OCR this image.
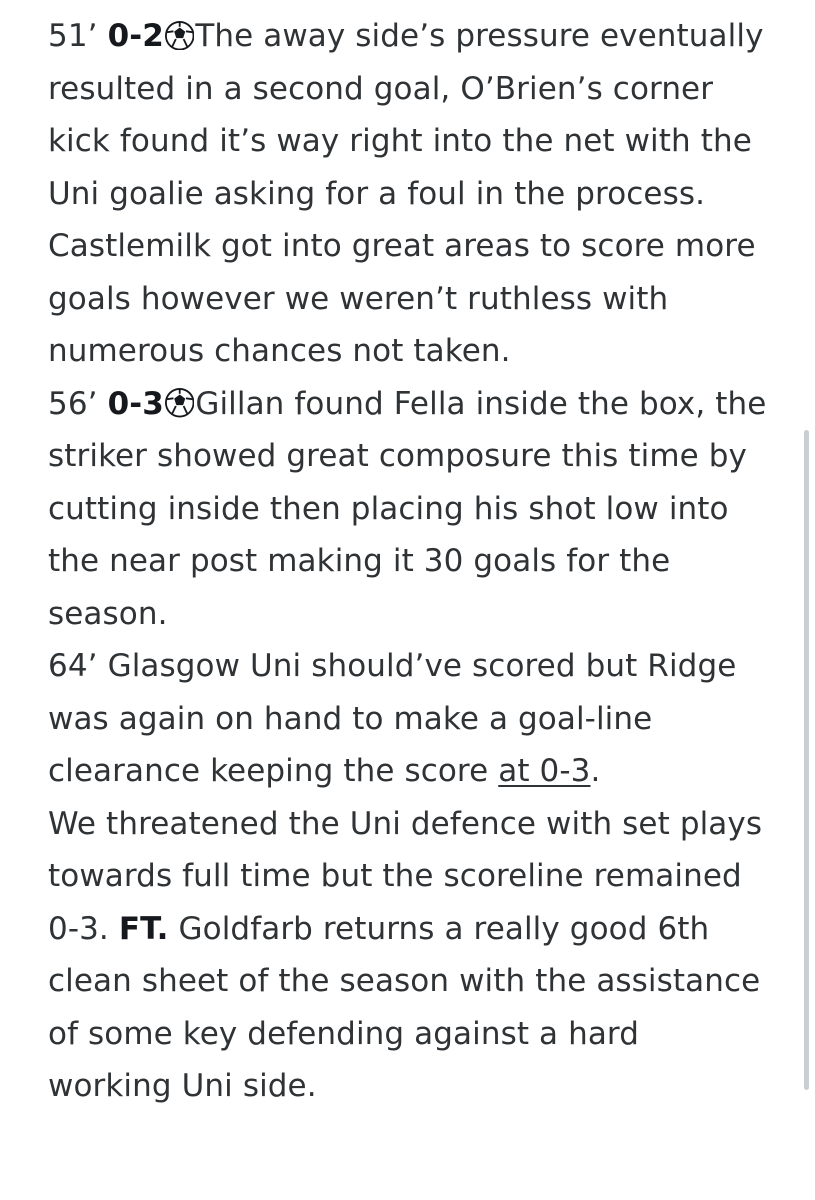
51’ 0-2 The away side’s pressure eventually resulted in a second goal, O’Brien’s corner kick found it’s way right into the net with the Uni goalie asking for a foul in the process.

Castlemilk got into great areas to score more goals however we weren’t ruthless with numerous chances not taken.

56’ 0-3 Gillan found Fella inside the box, the striker showed great composure this time by cutting inside then placing his shot low into the near post making it 30 goals for the season.

64’ Glasgow Uni should’ve scored but Ridge was again on hand to make a goal-line clearance keeping the score at 0-3.

We threatened the Uni defence with set plays towards full time but the scoreline remained 0-3. FT. Goldfarb returns a really good 6th clean sheet of the season with the assistance of some key defending against a hard working Uni side.
